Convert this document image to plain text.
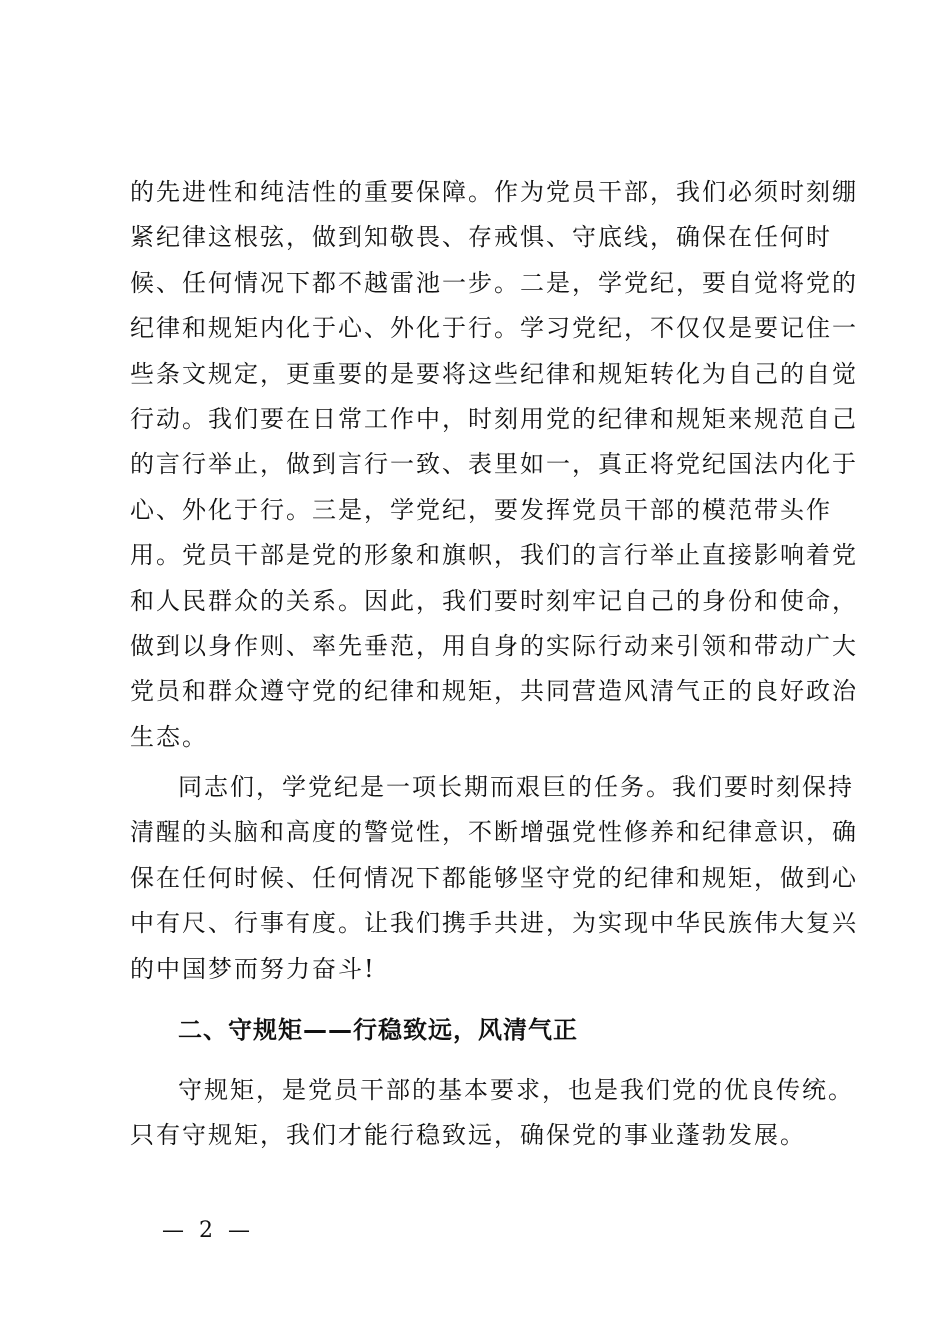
的先进性和纯洁性的重要保障。作为党员干部，我们必须时刻绷
紧纪律这根弦，做到知敬畏、存戒惧、守底线，确保在任何时
候、任何情况下都不越雷池一步。二是，学党纪，要自觉将党的
纪律和规矩内化于心、外化于行。学习党纪，不仅仅是要记住一
些条文规定，更重要的是要将这些纪律和规矩转化为自己的自觉
行动。我们要在日常工作中，时刻用党的纪律和规矩来规范自己
的言行举止，做到言行一致、表里如一，真正将党纪国法内化于
心、外化于行。三是，学党纪，要发挥党员干部的模范带头作
用。党员干部是党的形象和旗帜，我们的言行举止直接影响着党
和人民群众的关系。因此，我们要时刻牢记自己的身份和使命，
做到以身作则、率先垂范，用自身的实际行动来引领和带动广大
党员和群众遵守党的纪律和规矩，共同营造风清气正的良好政治
生态。
同志们，学党纪是一项长期而艰巨的任务。我们要时刻保持
清醒的头脑和高度的警觉性，不断增强党性修养和纪律意识，确
保在任何时候、任何情况下都能够坚守党的纪律和规矩，做到心
中有尺、行事有度。让我们携手共进，为实现中华民族伟大复兴
的中国梦而努力奋斗!
二、守规矩——行稳致远，风清气正
守规矩，是党员干部的基本要求，也是我们党的优良传统。
只有守规矩，我们才能行稳致远，确保党的事业蓬勃发展。
— 2 —
